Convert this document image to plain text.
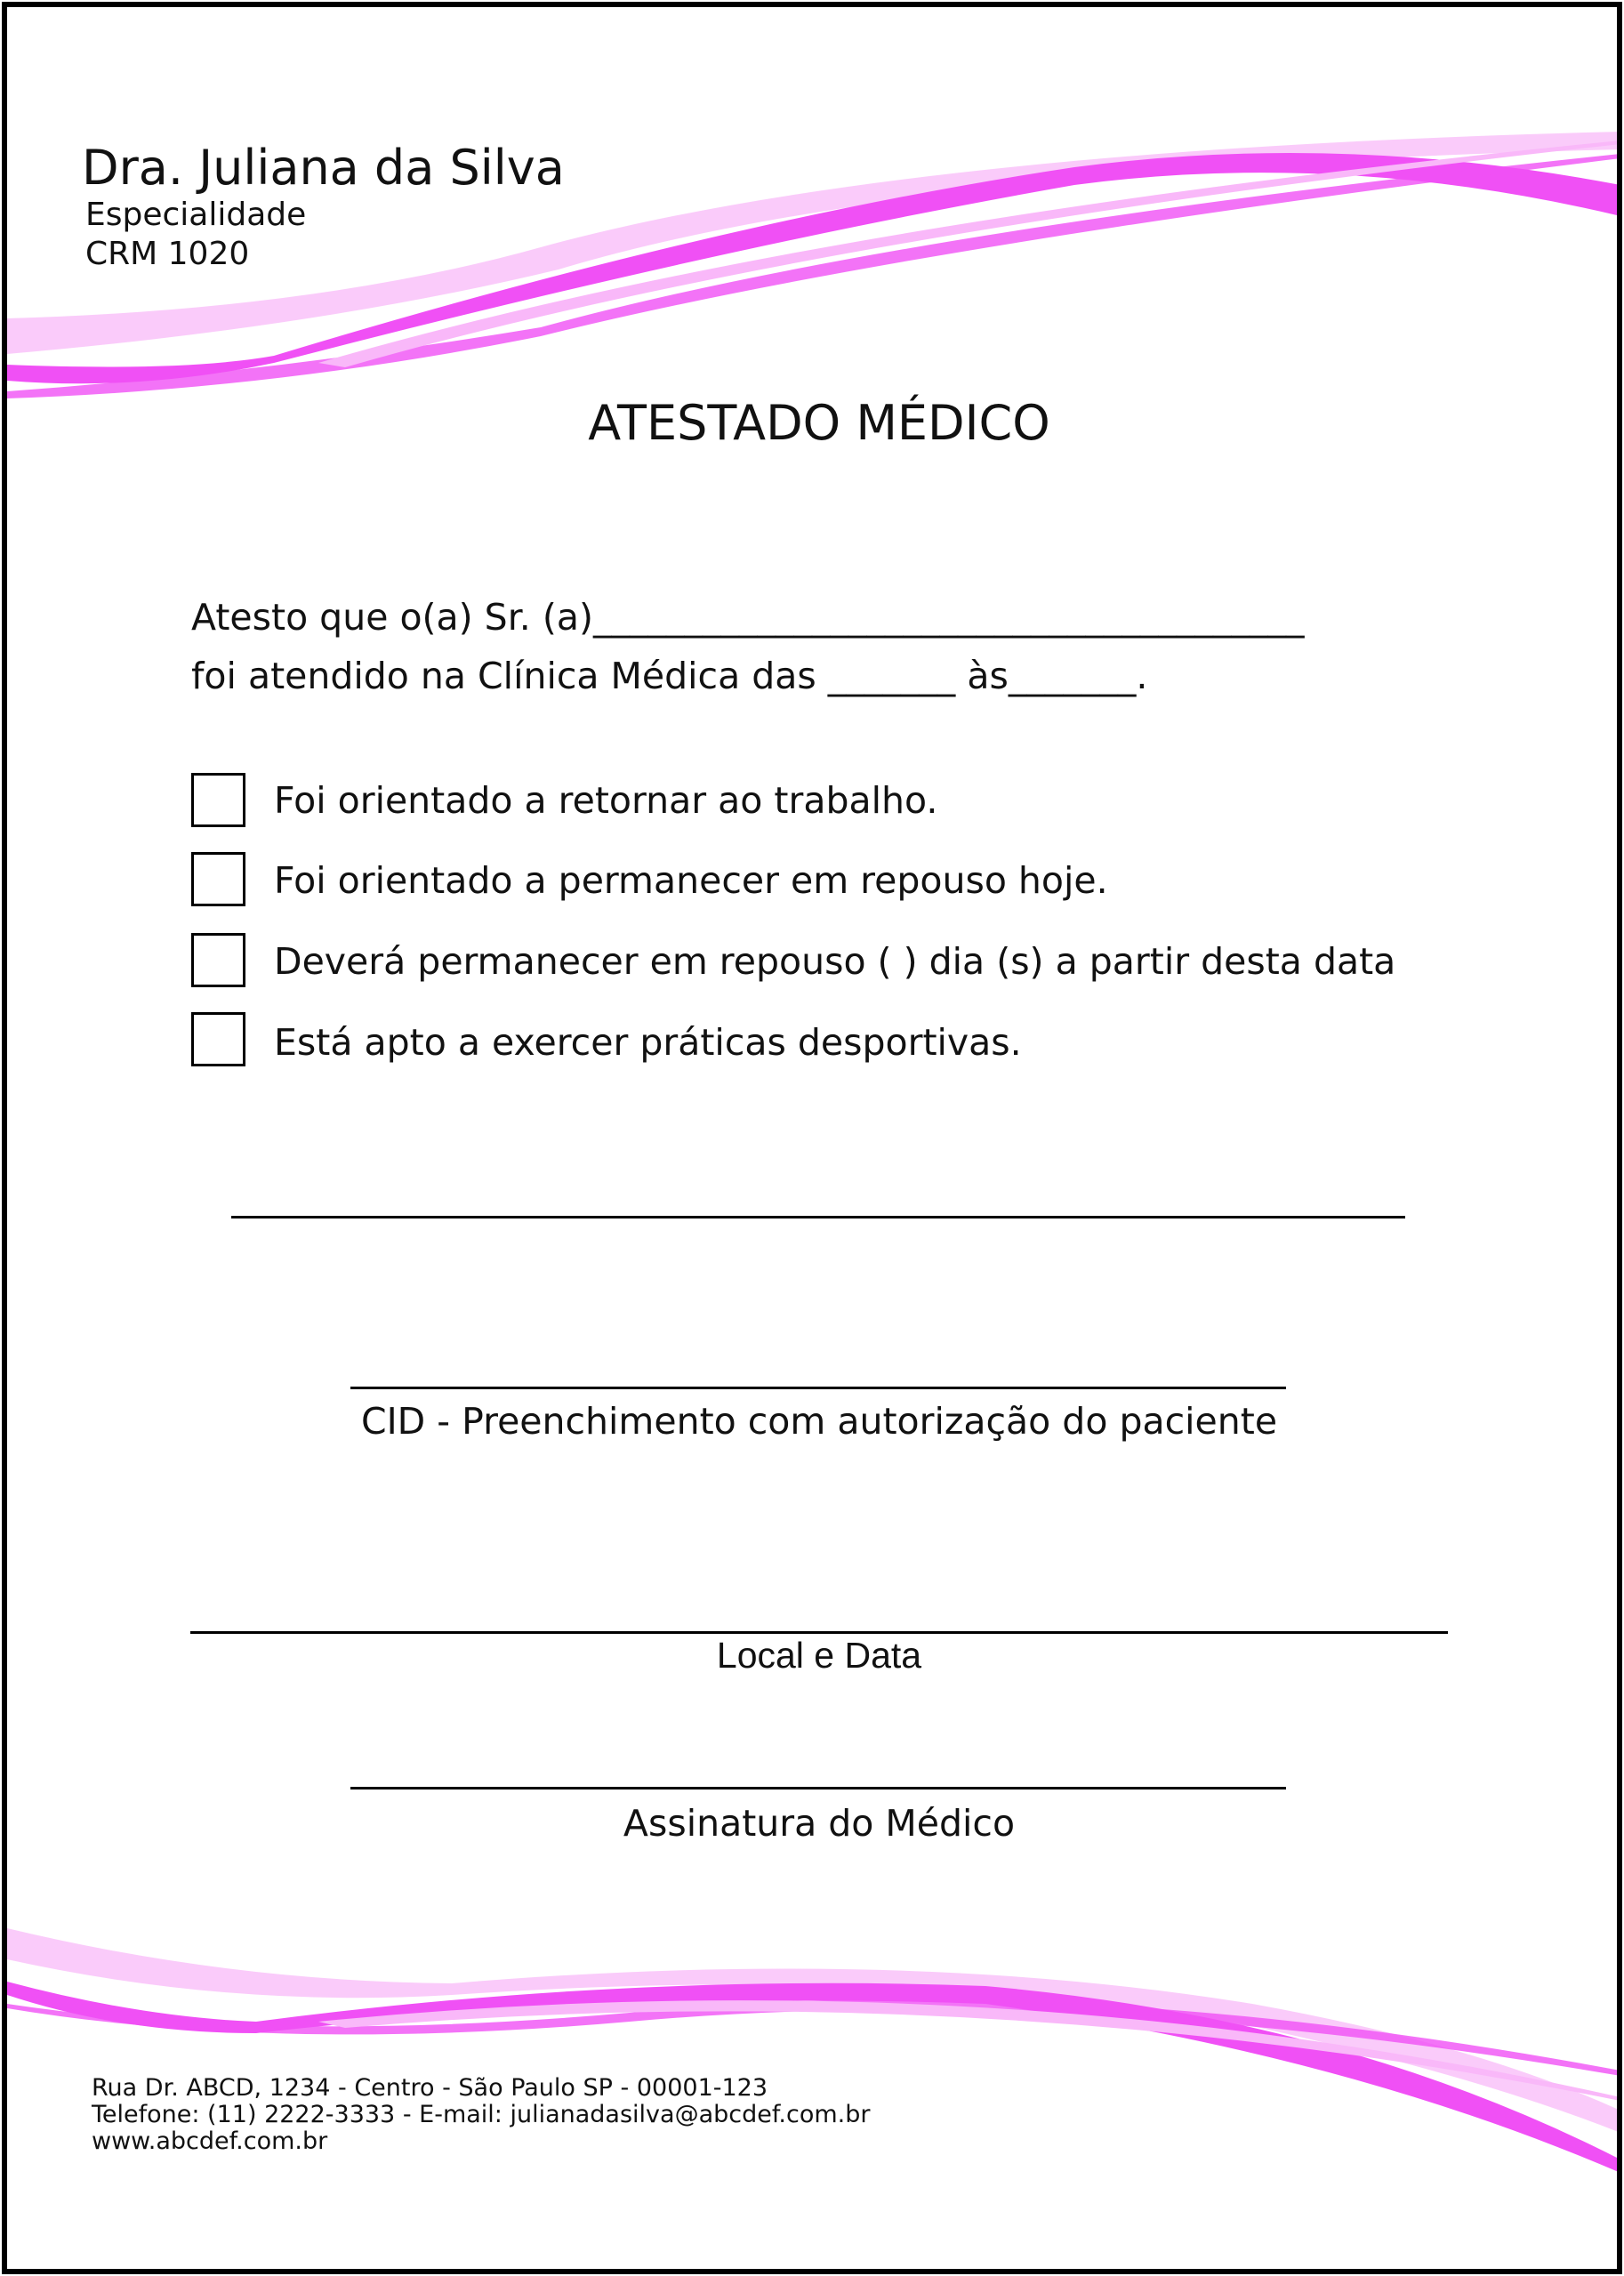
Dra. Juliana da Silva
Especialidade
CRM 1020
ATESTADO MÉDICO
Atesto que o(a) Sr. (a)_______________________________________
foi atendido na Clínica Médica das _______ às_______.
Foi orientado a retornar ao trabalho.
Foi orientado a permanecer em repouso hoje.
Deverá permanecer em repouso ( ) dia (s) a partir desta data
Está apto a exercer práticas desportivas.
CID - Preenchimento com autorização do paciente
Local e Data
Assinatura do Médico
Rua Dr. ABCD, 1234 - Centro - São Paulo SP - 00001-123
Telefone: (11) 2222-3333 - E-mail: julianadasilva@abcdef.com.br
www.abcdef.com.br
